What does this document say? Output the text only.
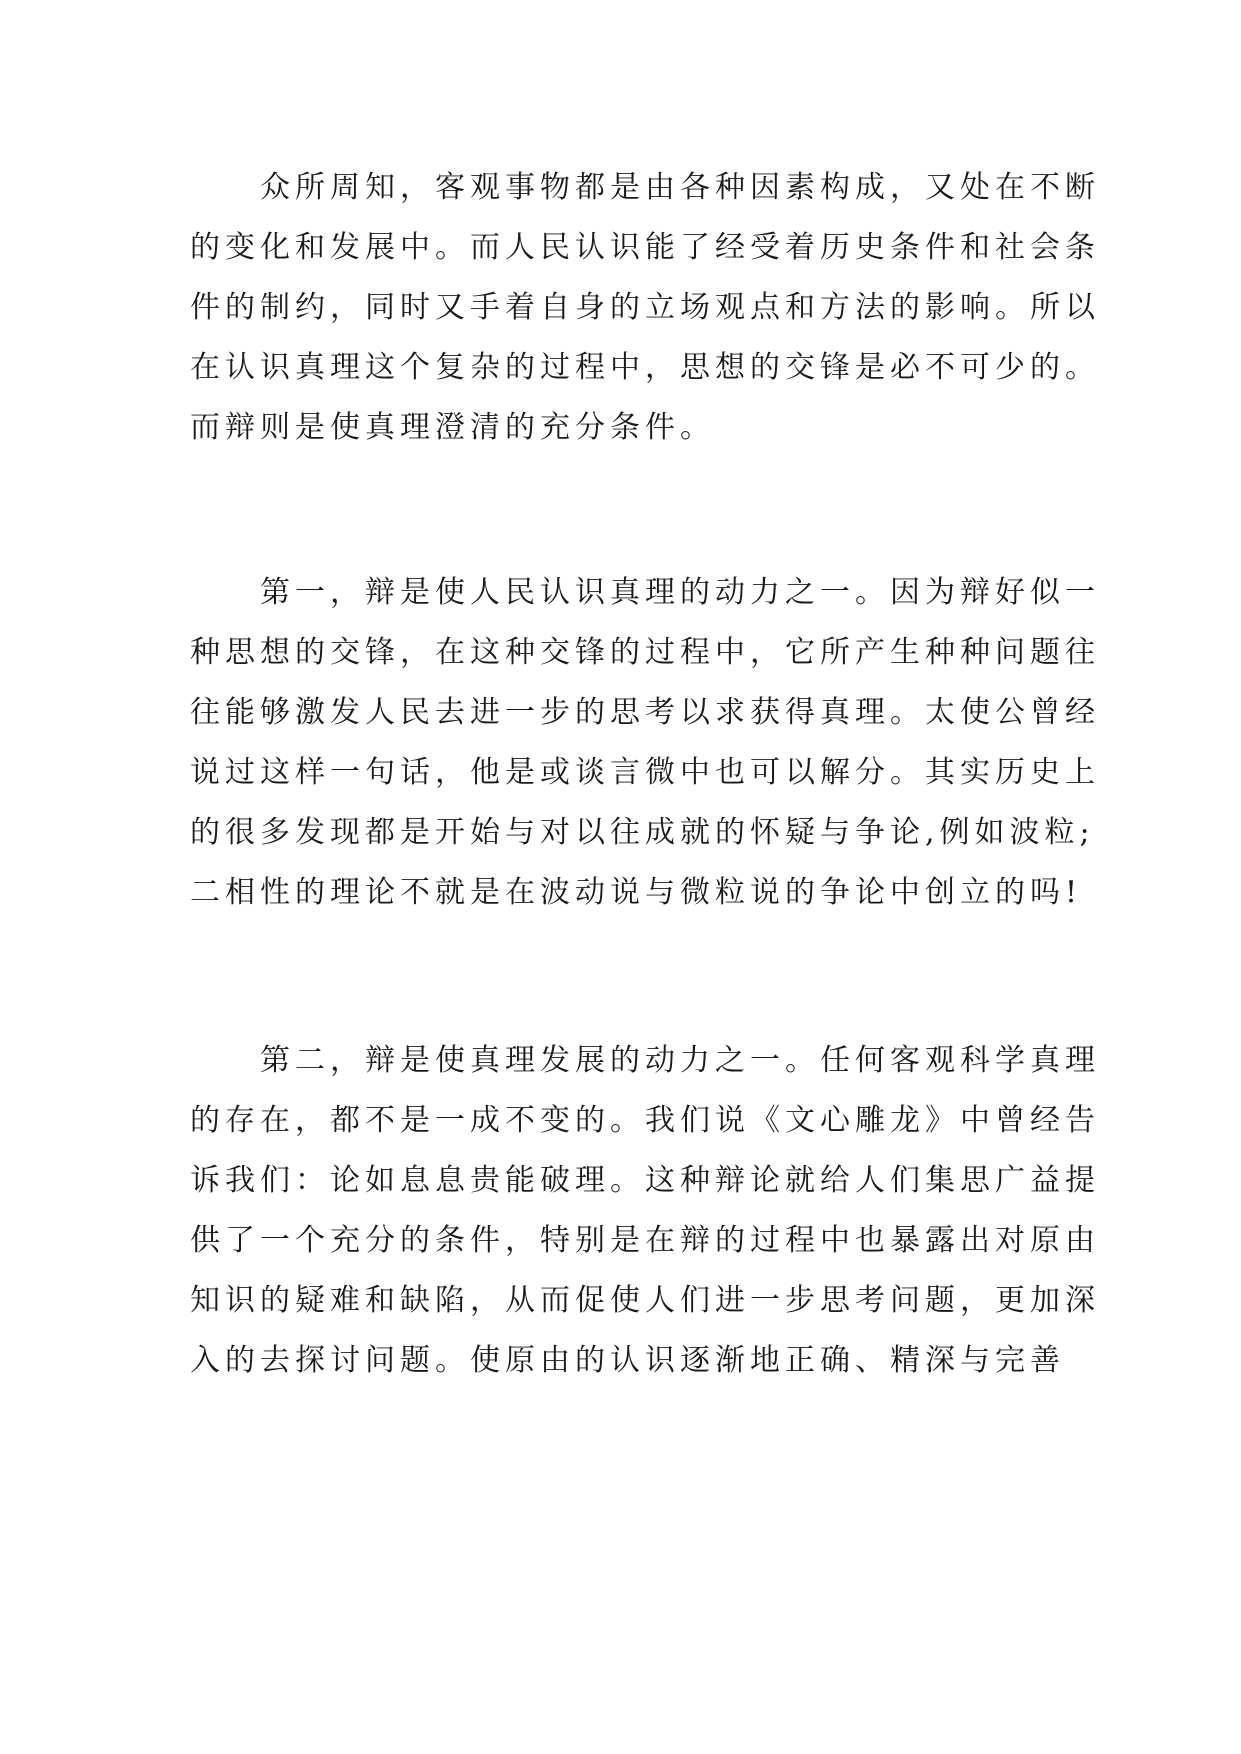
　　众所周知，客观事物都是由各种因素构成，又处在不断
的变化和发展中。而人民认识能了经受着历史条件和社会条
件的制约，同时又手着自身的立场观点和方法的影响。所以
在认识真理这个复杂的过程中，思想的交锋是必不可少的。
而辩则是使真理澄清的充分条件。

　　第一，辩是使人民认识真理的动力之一。因为辩好似一
种思想的交锋，在这种交锋的过程中，它所产生种种问题往
往能够激发人民去进一步的思考以求获得真理。太使公曾经
说过这样一句话，他是或谈言微中也可以解分。其实历史上
的很多发现都是开始与对以往成就的怀疑与争论,例如波粒;
二相性的理论不就是在波动说与微粒说的争论中创立的吗!

　　第二，辩是使真理发展的动力之一。任何客观科学真理
的存在，都不是一成不变的。我们说《文心雕龙》中曾经告
诉我们：论如息息贵能破理。这种辩论就给人们集思广益提
供了一个充分的条件，特别是在辩的过程中也暴露出对原由
知识的疑难和缺陷，从而促使人们进一步思考问题，更加深
入的去探讨问题。使原由的认识逐渐地正确、精深与完善
